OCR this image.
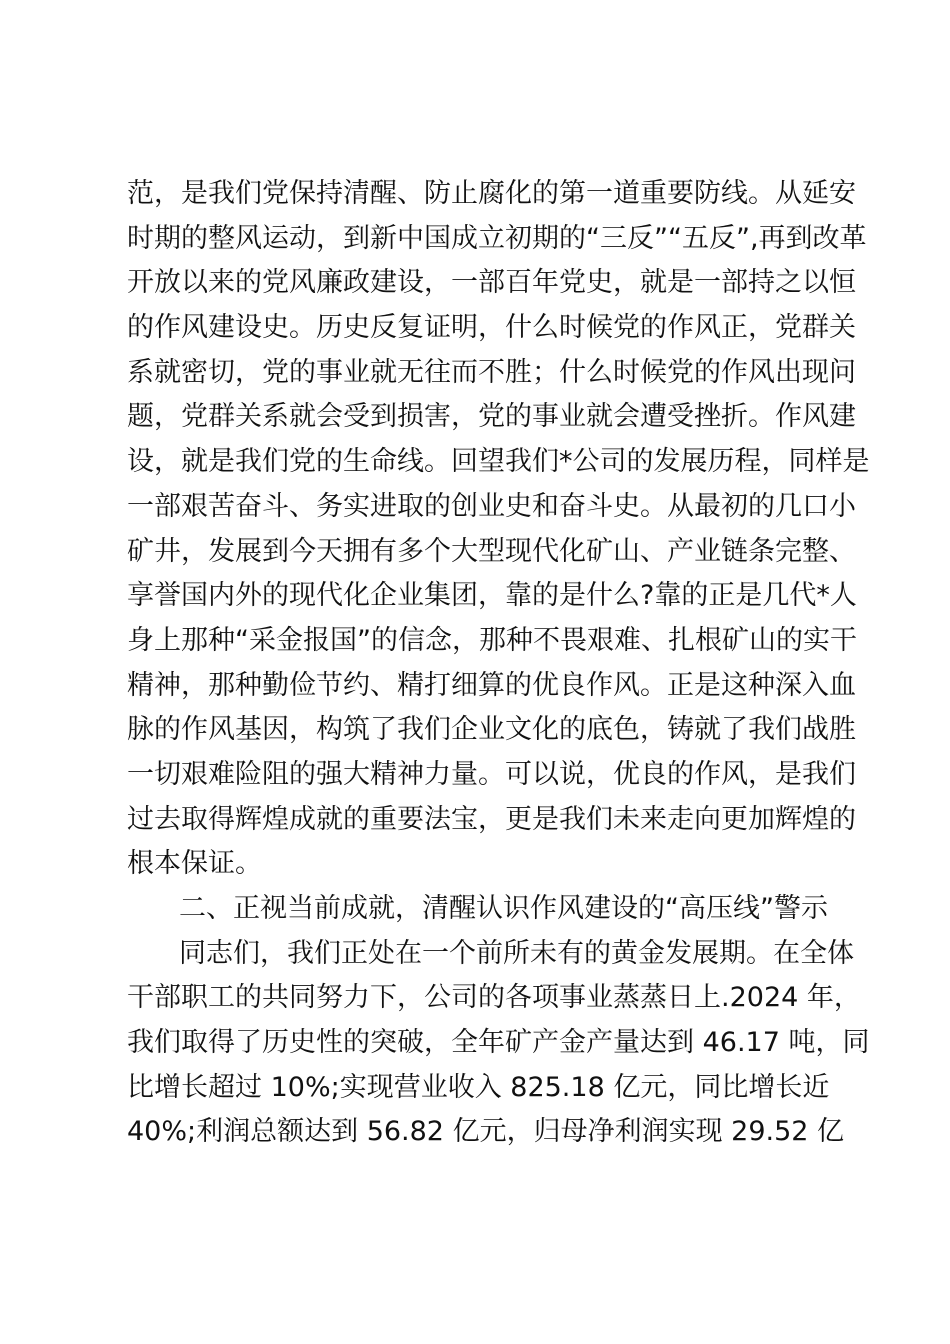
范，是我们党保持清醒、防止腐化的第一道重要防线。从延安
时期的整风运动，到新中国成立初期的“三反”“五反”,再到改革
开放以来的党风廉政建设，一部百年党史，就是一部持之以恒
的作风建设史。历史反复证明，什么时候党的作风正，党群关
系就密切，党的事业就无往而不胜；什么时候党的作风出现问
题，党群关系就会受到损害，党的事业就会遭受挫折。作风建
设，就是我们党的生命线。回望我们*公司的发展历程，同样是
一部艰苦奋斗、务实进取的创业史和奋斗史。从最初的几口小
矿井，发展到今天拥有多个大型现代化矿山、产业链条完整、
享誉国内外的现代化企业集团，靠的是什么?靠的正是几代*人
身上那种“采金报国”的信念，那种不畏艰难、扎根矿山的实干
精神，那种勤俭节约、精打细算的优良作风。正是这种深入血
脉的作风基因，构筑了我们企业文化的底色，铸就了我们战胜
一切艰难险阻的强大精神力量。可以说，优良的作风，是我们
过去取得辉煌成就的重要法宝，更是我们未来走向更加辉煌的
根本保证。
二、正视当前成就，清醒认识作风建设的“高压线”警示
同志们，我们正处在一个前所未有的黄金发展期。在全体
干部职工的共同努力下，公司的各项事业蒸蒸日上.2024 年，
我们取得了历史性的突破，全年矿产金产量达到 46.17 吨，同
比增长超过 10%;实现营业收入 825.18 亿元，同比增长近
40%;利润总额达到 56.82 亿元，归母净利润实现 29.52 亿
